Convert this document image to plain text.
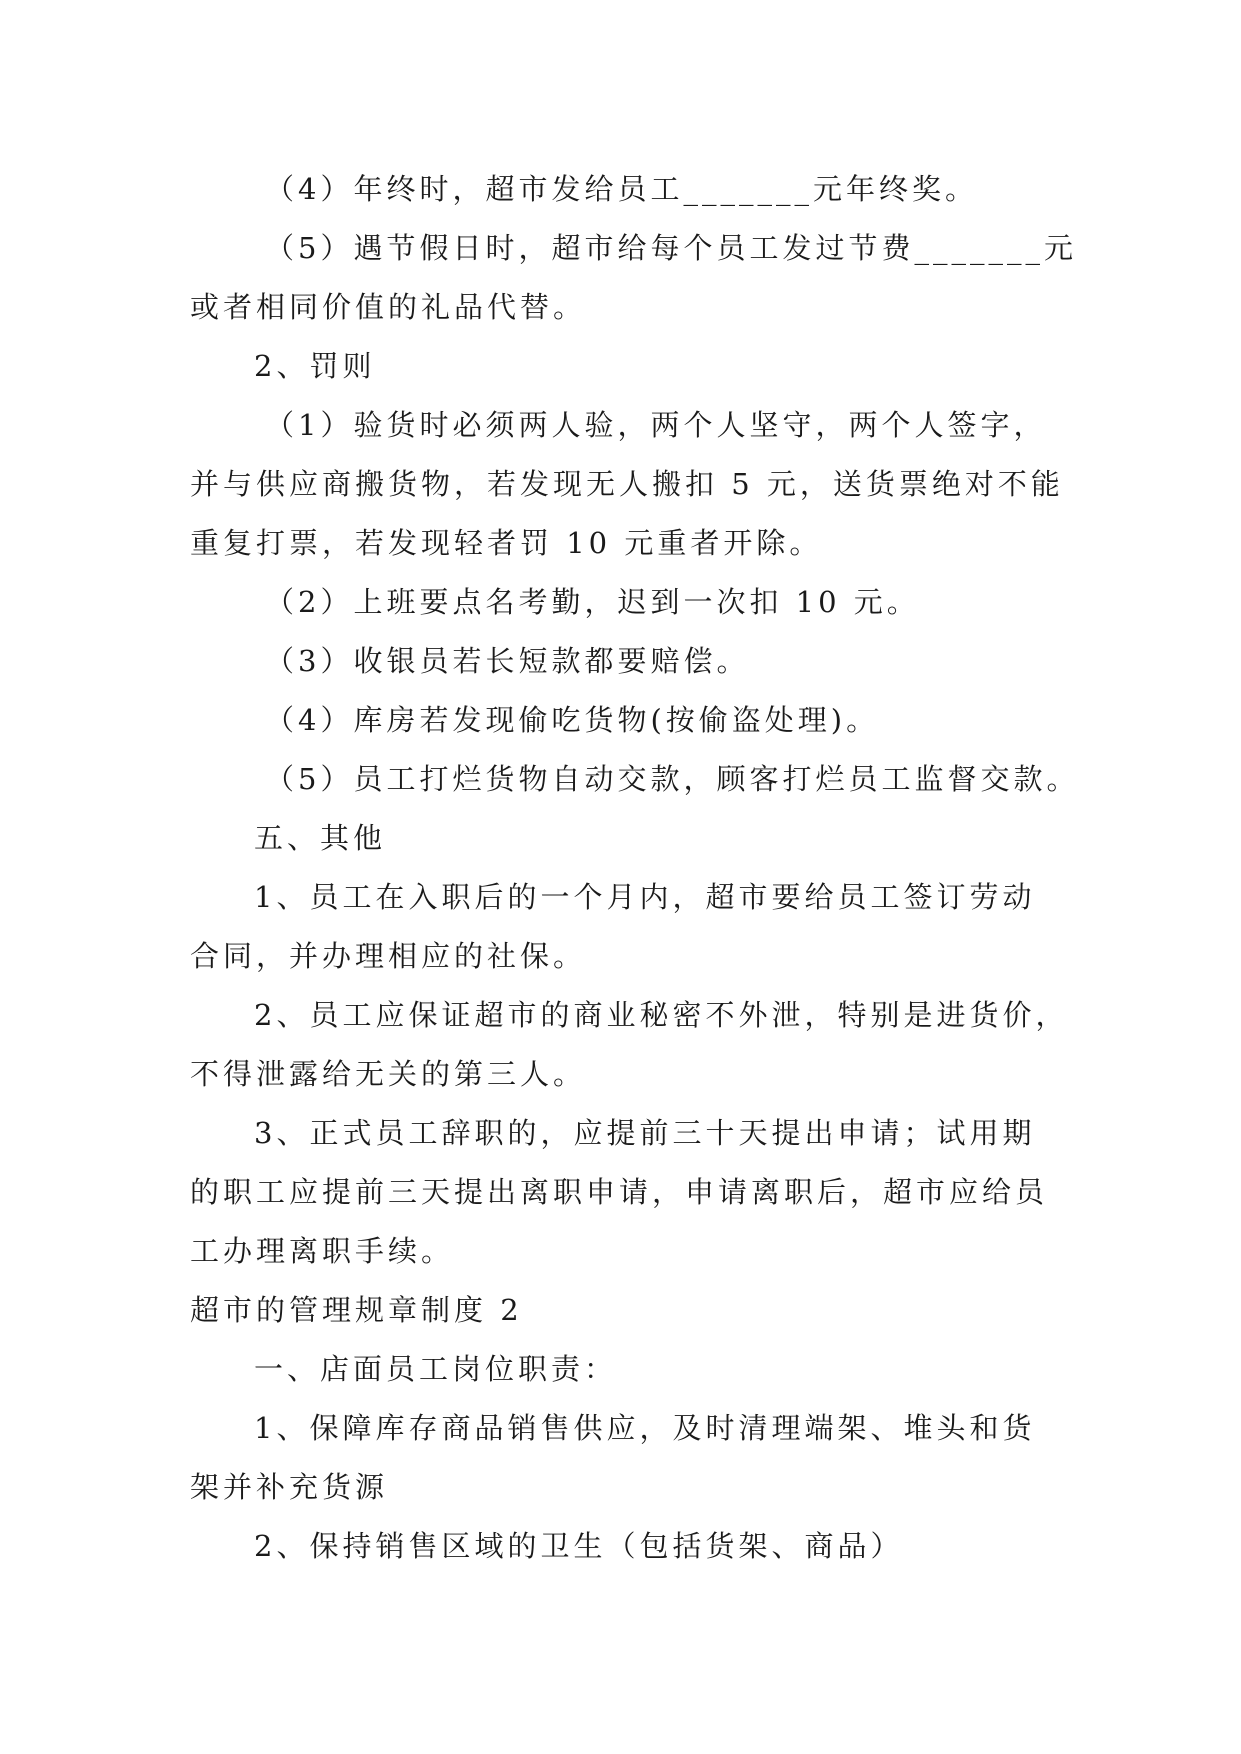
（4）年终时，超市发给员工_______元年终奖。

（5）遇节假日时，超市给每个员工发过节费_______元

或者相同价值的礼品代替。

2、罚则

（1）验货时必须两人验，两个人坚守，两个人签字，

并与供应商搬货物，若发现无人搬扣 5 元，送货票绝对不能

重复打票，若发现轻者罚 10 元重者开除。

（2）上班要点名考勤，迟到一次扣 10 元。

（3）收银员若长短款都要赔偿。

（4）库房若发现偷吃货物(按偷盗处理)。

（5）员工打烂货物自动交款，顾客打烂员工监督交款。

五、其他

1、员工在入职后的一个月内，超市要给员工签订劳动

合同，并办理相应的社保。

2、员工应保证超市的商业秘密不外泄，特别是进货价，

不得泄露给无关的第三人。

3、正式员工辞职的，应提前三十天提出申请；试用期

的职工应提前三天提出离职申请，申请离职后，超市应给员

工办理离职手续。

超市的管理规章制度 2

一、店面员工岗位职责：

1、保障库存商品销售供应，及时清理端架、堆头和货

架并补充货源

2、保持销售区域的卫生（包括货架、商品）
